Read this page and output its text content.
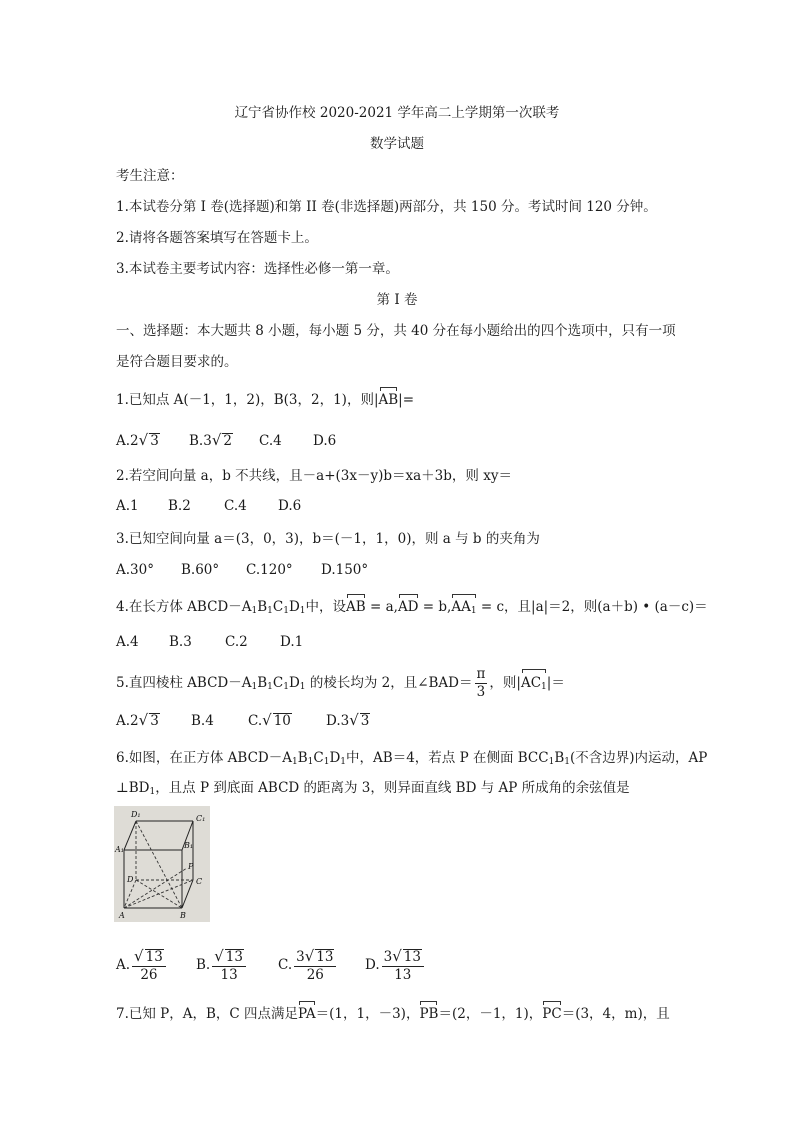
辽宁省协作校 2020-2021 学年高二上学期第一次联考
数学试题
考生注意：
1.本试卷分第 I 卷(选择题)和第 II 卷(非选择题)两部分，共 150 分。考试时间 120 分钟。
2.请将各题答案填写在答题卡上。
3.本试卷主要考试内容：选择性必修一第一章。
第 I 卷
一、选择题：本大题共 8 小题，每小题 5 分，共 40 分在每小题给出的四个选项中，只有一项
是符合题目要求的。
1.已知点 A(－1，1，2)，B(3，2，1)，则|AB|=
A.2√ 3 B.3√ 2 C.4 D.6
2.若空间向量 a，b 不共线，且－a+(3x－y)b＝xa＋3b，则 xy＝
A.1 B.2 C.4 D.6
3.已知空间向量 a＝(3，0，3)，b＝(－1，1，0)，则 a 与 b 的夹角为
A.30° B.60° C.120° D.150°
4.在长方体 $ABCD-A_1B_1C_1D_1$中，设AB = $a,AD = b,AA_1 = c$，且|a|＝2，则(a＋b) • (a－c)＝
A.4 B.3 C.2 D.1
5.直四棱柱 $ABCD-A_1B_1C_1D_1$ 的棱长均为 2，且∠BAD＝ $\frac{\pi}{3}$ ，则$|AC_1|=$
A.2√ 3 B.4	C.√ 10	D.3√ 3
6.如图，在正方体 $ABCD-A_1B_1C_1D_1$中，AB＝4，若点 P 在侧面 $BCC_1B_1$(不含边界)内运动，AP
$\perp BD_1$，且点 P 到底面 ABCD 的距离为 3，则异面直线 BD 与 AP 所成角的余弦值是
D₁	C₁
A₁	B₁
P
D	C
A	B
A. $\frac{√ 13}{26} B$. $\frac{√ 13}{13} C$. $\frac{3√ 13}{26} D$. $\frac{3√ 13}{13}$
7.已知 P，A，B，C 四点满足PA＝(1，1，－3)，PB＝(2，－1，1)，PC＝(3，4，m)，且
